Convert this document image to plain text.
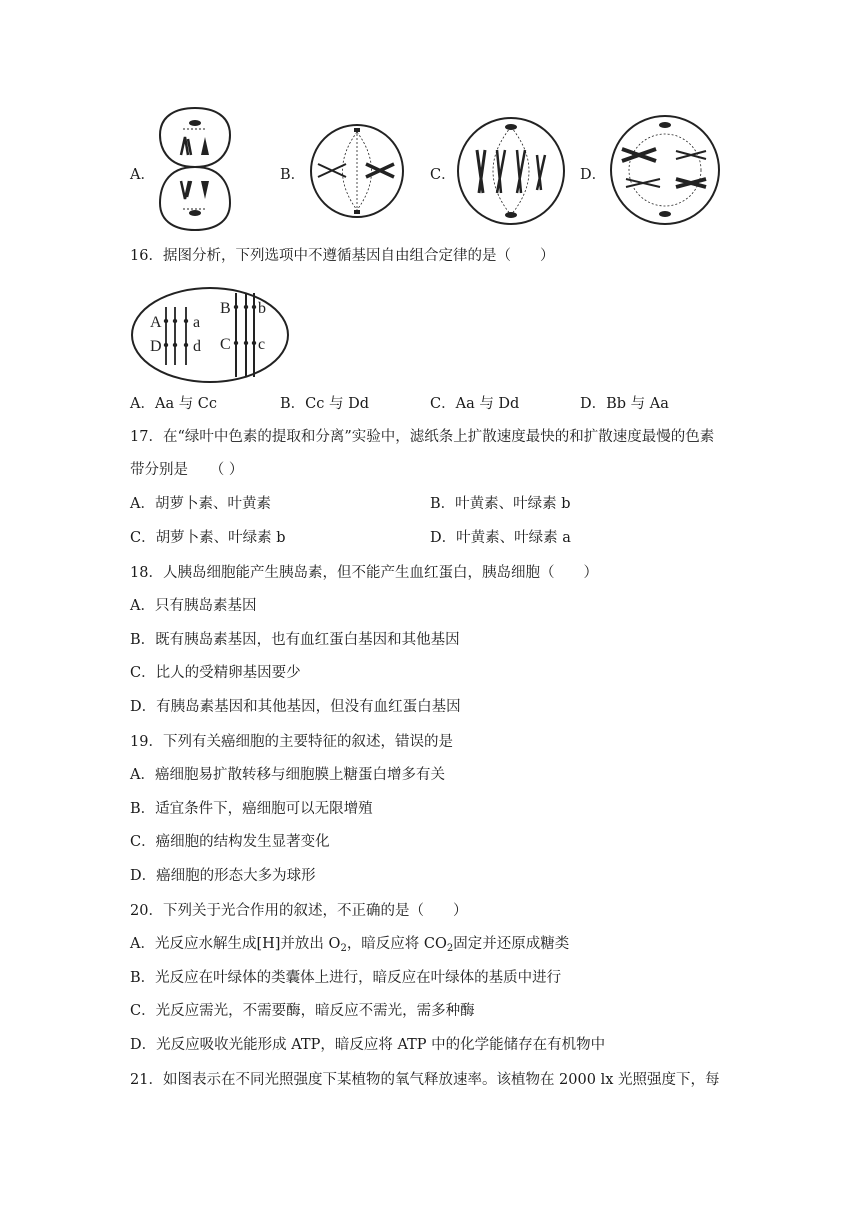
A．	B．	C．	D．
16．据图分析，下列选项中不遵循基因自由组合定律的是（　　）
A a
D d
B b
C c
A．Aa 与 Cc	B．Cc 与 Dd	C．Aa 与 Dd	D．Bb 与 Aa
17．在“绿叶中色素的提取和分离”实验中，滤纸条上扩散速度最快的和扩散速度最慢的色素
带分别是　　（ ）
A．胡萝卜素、叶黄素	B．叶黄素、叶绿素 b
C．胡萝卜素、叶绿素 b	D．叶黄素、叶绿素 a
18．人胰岛细胞能产生胰岛素，但不能产生血红蛋白，胰岛细胞（　　）
A．只有胰岛素基因
B．既有胰岛素基因，也有血红蛋白基因和其他基因
C．比人的受精卵基因要少
D．有胰岛素基因和其他基因，但没有血红蛋白基因
19．下列有关癌细胞的主要特征的叙述，错误的是
A．癌细胞易扩散转移与细胞膜上糖蛋白增多有关
B．适宜条件下，癌细胞可以无限增殖
C．癌细胞的结构发生显著变化
D．癌细胞的形态大多为球形
20．下列关于光合作用的叙述，不正确的是（　　）
A．光反应水解生成[H]并放出 $O_2$，暗反应将 $CO_2$固定并还原成糖类
B．光反应在叶绿体的类囊体上进行，暗反应在叶绿体的基质中进行
C．光反应需光，不需要酶，暗反应不需光，需多种酶
D．光反应吸收光能形成 ATP，暗反应将 ATP 中的化学能储存在有机物中
21．如图表示在不同光照强度下某植物的氧气释放速率。该植物在 2000 lx 光照强度下，每
